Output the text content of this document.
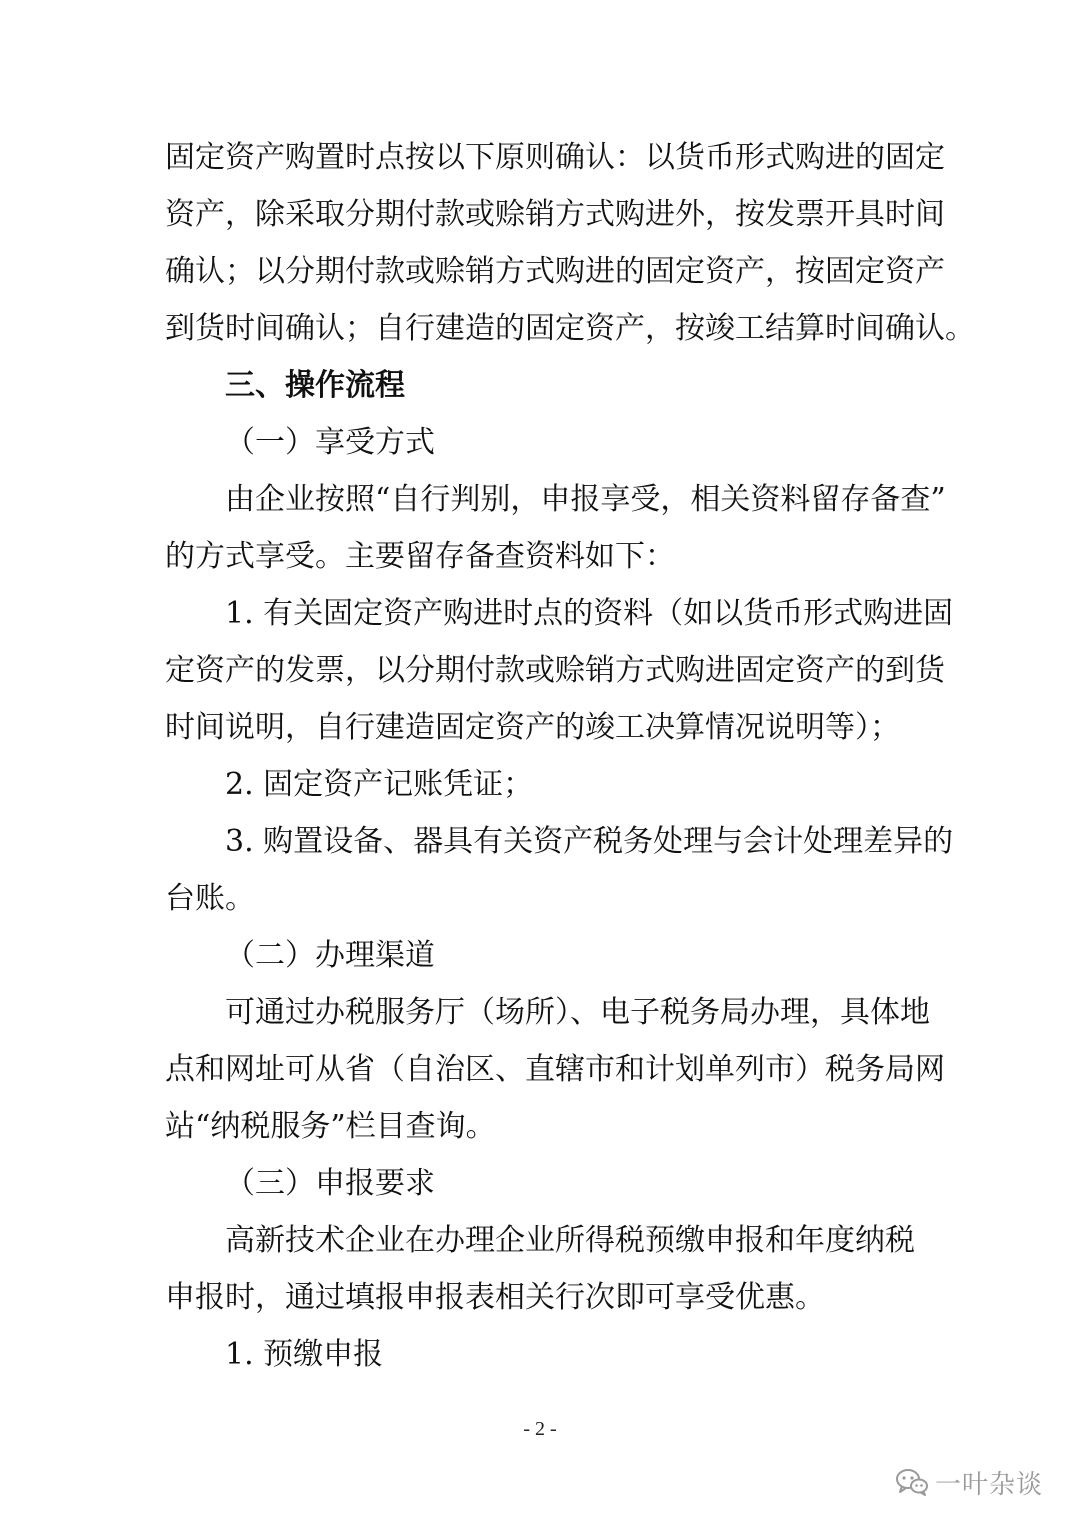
固定资产购置时点按以下原则确认：以货币形式购进的固定
资产，除采取分期付款或赊销方式购进外，按发票开具时间
确认；以分期付款或赊销方式购进的固定资产，按固定资产
到货时间确认；自行建造的固定资产，按竣工结算时间确认。
三、操作流程
（一）享受方式
由企业按照“自行判别，申报享受，相关资料留存备查”
的方式享受。主要留存备查资料如下：
1. 有关固定资产购进时点的资料（如以货币形式购进固
定资产的发票，以分期付款或赊销方式购进固定资产的到货
时间说明，自行建造固定资产的竣工决算情况说明等）；
2. 固定资产记账凭证；
3. 购置设备、器具有关资产税务处理与会计处理差异的
台账。
（二）办理渠道
可通过办税服务厅（场所）、电子税务局办理，具体地
点和网址可从省（自治区、直辖市和计划单列市）税务局网
站“纳税服务”栏目查询。
（三）申报要求
高新技术企业在办理企业所得税预缴申报和年度纳税
申报时，通过填报申报表相关行次即可享受优惠。
1. 预缴申报
- 2 -
一叶杂谈
